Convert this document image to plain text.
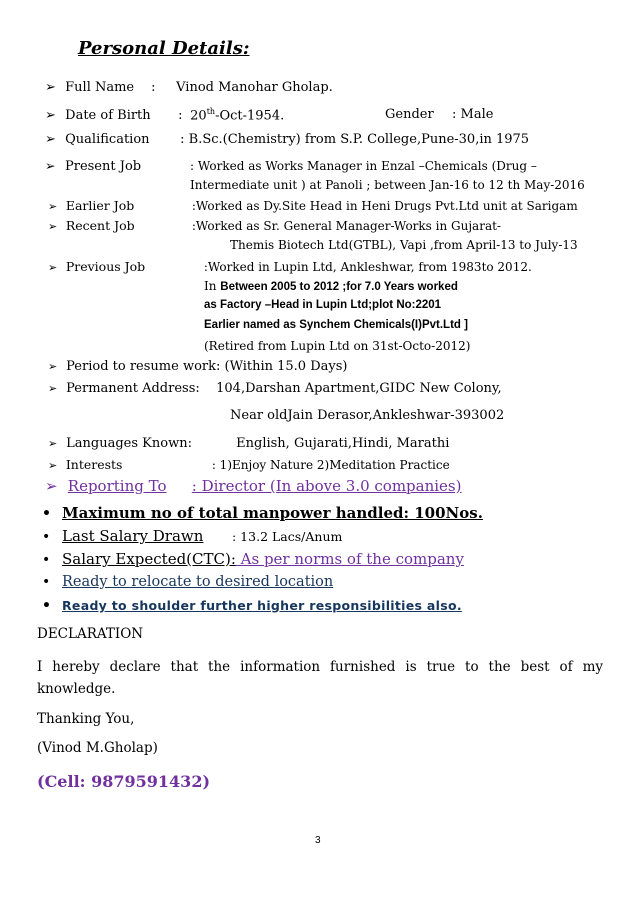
Personal Details:
➢ Full Name : Vinod Manohar Gholap.
➢ Date of Birth : 20th-Oct-1954.	Gender : Male
➢ Qualification : B.Sc.(Chemistry) from S.P. College,Pune-30,in 1975
➢ Present Job	: Worked as Works Manager in Enzal –Chemicals (Drug –
Intermediate unit ) at Panoli ; between Jan-16 to 12 th May-2016
➢ Earlier Job	:Worked as Dy.Site Head in Heni Drugs Pvt.Ltd unit at Sarigam
➢ Recent Job	:Worked as Sr. General Manager-Works in Gujarat-
Themis Biotech Ltd(GTBL), Vapi ,from April-13 to July-13
➢ Previous Job	:Worked in Lupin Ltd, Ankleshwar, from 1983to 2012.
In Between 2005 to 2012 ;for 7.0 Years worked
as Factory –Head in Lupin Ltd;plot No:2201
Earlier named as Synchem Chemicals(I)Pvt.Ltd ]
(Retired from Lupin Ltd on 31st-Octo-2012)
➢ Period to resume work: (Within 15.0 Days)
➢ Permanent Address: 104,Darshan Apartment,GIDC New Colony,
Near oldJain Derasor,Ankleshwar-393002
➢ Languages Known:	English, Gujarati,Hindi, Marathi
➢ Interests	: 1)Enjoy Nature 2)Meditation Practice
➢ Reporting To : Director (In above 3.0 companies)
• Maximum no of total manpower handled: 100Nos.
• Last Salary Drawn : 13.2 Lacs/Anum
• Salary Expected(CTC): As per norms of the company
• Ready to relocate to desired location
• Ready to shoulder further higher responsibilities also.
DECLARATION
I hereby declare that the information furnished is true to the best of my knowledge.
Thanking You,
(Vinod M.Gholap)
(Cell: 9879591432)
3
